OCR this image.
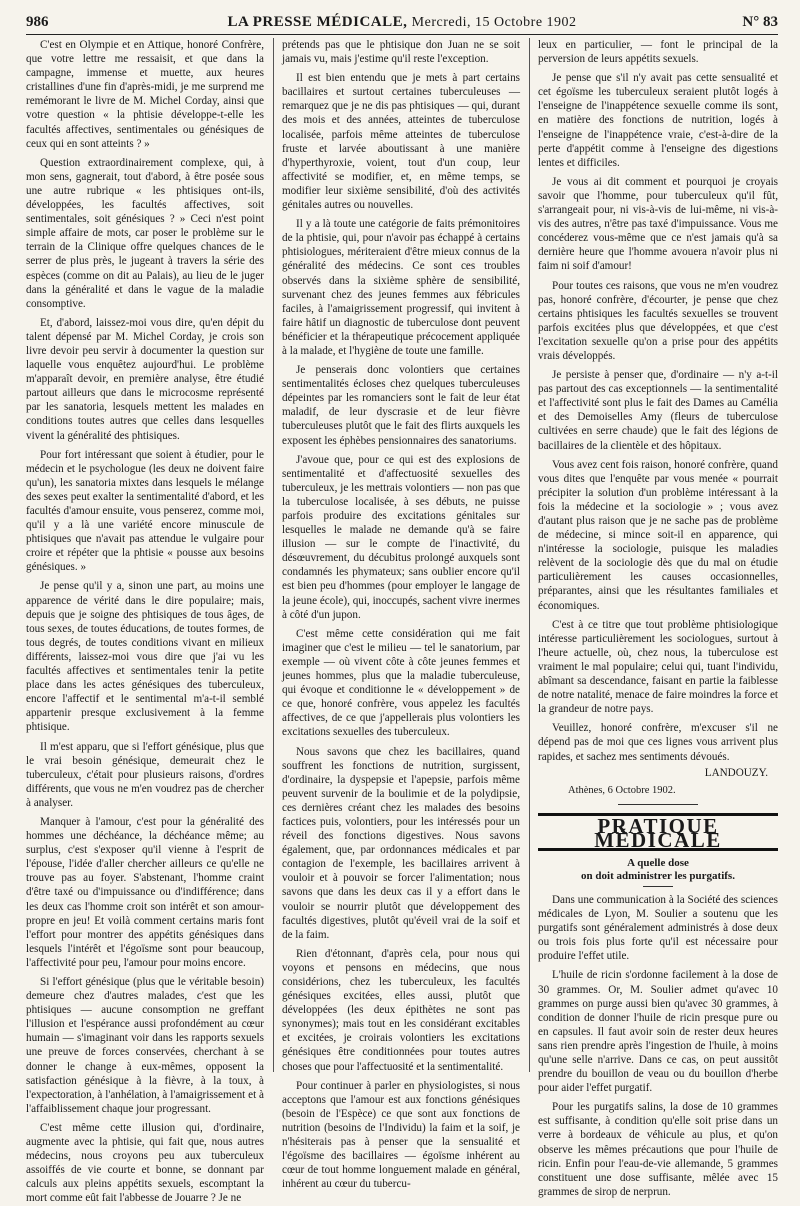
986	LA PRESSE MÉDICALE, Mercredi, 15 Octobre 1902	N° 83

C'est en Olympie et en Attique, honoré Confrère, que votre lettre me ressaisit, et que dans la campagne, immense et muette, aux heures cristallines d'une fin d'après-midi, je me surprend me remémorant le livre de M. Michel Corday, ainsi que votre question « la phtisie développe-t-elle les facultés affectives, sentimentales ou génésiques de ceux qui en sont atteints ? »

Question extraordinairement complexe, qui, à mon sens, gagnerait, tout d'abord, à être posée sous une autre rubrique « les phtisiques ont-ils, développées, les facultés affectives, soit sentimentales, soit génésiques ? » Ceci n'est point simple affaire de mots, car poser le problème sur le terrain de la Clinique offre quelques chances de le serrer de plus près, le jugeant à travers la série des espèces (comme on dit au Palais), au lieu de le juger dans la généralité et dans le vague de la maladie consomptive.

Et, d'abord, laissez-moi vous dire, qu'en dépit du talent dépensé par M. Michel Corday, je crois son livre devoir peu servir à documenter la question sur laquelle vous enquêtez aujourd'hui. Le problème m'apparaît devoir, en première analyse, être étudié partout ailleurs que dans le microcosme représenté par les sanatoria, lesquels mettent les malades en conditions toutes autres que celles dans lesquelles vivent la généralité des phtisiques.

Pour fort intéressant que soient à étudier, pour le médecin et le psychologue (les deux ne doivent faire qu'un), les sanatoria mixtes dans lesquels le mélange des sexes peut exalter la sentimentalité d'abord, et les facultés d'amour ensuite, vous penserez, comme moi, qu'il y a là une variété encore minuscule de phtisiques que n'avait pas attendue le vulgaire pour croire et répéter que la phtisie « pousse aux besoins génésiques. »

Je pense qu'il y a, sinon une part, au moins une apparence de vérité dans le dire populaire; mais, depuis que je soigne des phtisiques de tous âges, de tous sexes, de toutes éducations, de toutes formes, de tous degrés, de toutes conditions vivant en milieux différents, laissez-moi vous dire que j'ai vu les facultés affectives et sentimentales tenir la petite place dans les actes génésiques des tuberculeux, encore l'affectif et le sentimental m'a-t-il semblé appartenir presque exclusivement à la femme phtisique.

Il m'est apparu, que si l'effort génésique, plus que le vrai besoin génésique, demeurait chez le tuberculeux, c'était pour plusieurs raisons, d'ordres différents, que vous ne m'en voudrez pas de chercher à analyser.

Manquer à l'amour, c'est pour la généralité des hommes une déchéance, la déchéance même; au surplus, c'est s'exposer qu'il vienne à l'esprit de l'épouse, l'idée d'aller chercher ailleurs ce qu'elle ne trouve pas au foyer. S'abstenant, l'homme craint d'être taxé ou d'impuissance ou d'indifférence; dans les deux cas l'homme croit son intérêt et son amour-propre en jeu! Et voilà comment certains maris font l'effort pour montrer des appétits génésiques dans lesquels l'intérêt et l'égoïsme sont pour beaucoup, l'affectivité pour peu, l'amour pour moins encore.

Si l'effort génésique (plus que le véritable besoin) demeure chez d'autres malades, c'est que les phtisiques — aucune consomption ne greffant l'illusion et l'espérance aussi profondément au cœur humain — s'imaginant voir dans les rapports sexuels une preuve de forces conservées, cherchant à se donner le change à eux-mêmes, opposent la satisfaction génésique à la fièvre, à la toux, à l'expectoration, à l'anhélation, à l'amaigrissement et à l'affaiblissement chaque jour progressant.

C'est même cette illusion qui, d'ordinaire, augmente avec la phtisie, qui fait que, nous autres médecins, nous croyons peu aux tuberculeux assoiffés de vie courte et bonne, se donnant par calculs aux pleins appétits sexuels, escomptant la mort comme eût fait l'abbesse de Jouarre ? Je ne

prétends pas que le phtisique don Juan ne se soit jamais vu, mais j'estime qu'il reste l'exception.

Il est bien entendu que je mets à part certains bacillaires et surtout certaines tuberculeuses — remarquez que je ne dis pas phtisiques — qui, durant des mois et des années, atteintes de tuberculose localisée, parfois même atteintes de tuberculose fruste et larvée aboutissant à une manière d'hyperthyroxie, voient, tout d'un coup, leur affectivité se modifier, et, en même temps, se modifier leur sixième sensibilité, d'où des activités génitales autres ou nouvelles.

Il y a là toute une catégorie de faits prémonitoires de la phtisie, qui, pour n'avoir pas échappé à certains phtisiologues, mériteraient d'être mieux connus de la généralité des médecins. Ce sont ces troubles observés dans la sixième sphère de sensibilité, survenant chez des jeunes femmes aux fébricules faciles, à l'amaigrissement progressif, qui invitent à faire hâtif un diagnostic de tuberculose dont peuvent bénéficier et la thérapeutique précocement appliquée à la malade, et l'hygiène de toute une famille.

Je penserais donc volontiers que certaines sentimentalités écloses chez quelques tuberculeuses dépeintes par les romanciers sont le fait de leur état maladif, de leur dyscrasie et de leur fièvre tuberculeuses plutôt que le fait des flirts auxquels les exposent les éphèbes pensionnaires des sanatoriums.

J'avoue que, pour ce qui est des explosions de sentimentalité et d'affectuosité sexuelles des tuberculeux, je les mettrais volontiers — non pas que la tuberculose localisée, à ses débuts, ne puisse parfois produire des excitations génitales sur lesquelles le malade ne demande qu'à se faire illusion — sur le compte de l'inactivité, du désœuvrement, du décubitus prolongé auxquels sont condamnés les phymateux; sans oublier encore qu'il est bien peu d'hommes (pour employer le langage de la jeune école), qui, inoccupés, sachent vivre inermes à côté d'un jupon.

C'est même cette considération qui me fait imaginer que c'est le milieu — tel le sanatorium, par exemple — où vivent côte à côte jeunes femmes et jeunes hommes, plus que la maladie tuberculeuse, qui évoque et conditionne le « développement » de ce que, honoré confrère, vous appelez les facultés affectives, de ce que j'appellerais plus volontiers les excitations sexuelles des tuberculeux.

Nous savons que chez les bacillaires, quand souffrent les fonctions de nutrition, surgissent, d'ordinaire, la dyspepsie et l'apepsie, parfois même peuvent survenir de la boulimie et de la polydipsie, ces dernières créant chez les malades des besoins factices puis, volontiers, pour les intéressés pour un réveil des fonctions digestives. Nous savons également, que, par ordonnances médicales et par contagion de l'exemple, les bacillaires arrivent à vouloir et à pouvoir se forcer l'alimentation; nous savons que dans les deux cas il y a effort dans le vouloir se nourrir plutôt que développement des facultés digestives, plutôt qu'éveil vrai de la soif et de la faim.

Rien d'étonnant, d'après cela, pour nous qui voyons et pensons en médecins, que nous considérions, chez les tuberculeux, les facultés génésiques excitées, elles aussi, plutôt que développées (les deux épithètes ne sont pas synonymes); mais tout en les considérant excitables et excitées, je croirais volontiers les excitations génésiques être conditionnées pour toutes autres choses que pour l'affectuosité et la sentimentalité.

Pour continuer à parler en physiologistes, si nous acceptons que l'amour est aux fonctions génésiques (besoin de l'Espèce) ce que sont aux fonctions de nutrition (besoins de l'Individu) la faim et la soif, je n'hésiterais pas à penser que la sensualité et l'égoïsme des bacillaires — égoïsme inhérent au cœur de tout homme longuement malade en général, inhérent au cœur du tubercu-

leux en particulier, — font le principal de la perversion de leurs appétits sexuels.

Je pense que s'il n'y avait pas cette sensualité et cet égoïsme les tuberculeux seraient plutôt logés à l'enseigne de l'inappétence sexuelle comme ils sont, en matière des fonctions de nutrition, logés à l'enseigne de l'inappétence vraie, c'est-à-dire de la perte d'appétit comme à l'enseigne des digestions lentes et difficiles.

Je vous ai dit comment et pourquoi je croyais savoir que l'homme, pour tuberculeux qu'il fût, s'arrangeait pour, ni vis-à-vis de lui-même, ni vis-à-vis des autres, n'être pas taxé d'impuissance. Vous me concéderez vous-même que ce n'est jamais qu'à sa dernière heure que l'homme avouera n'avoir plus ni faim ni soif d'amour!

Pour toutes ces raisons, que vous ne m'en voudrez pas, honoré confrère, d'écourter, je pense que chez certains phtisiques les facultés sexuelles se trouvent parfois excitées plus que développées, et que c'est l'excitation sexuelle qu'on a prise pour des appétits vrais développés.

Je persiste à penser que, d'ordinaire — n'y a-t-il pas partout des cas exceptionnels — la sentimentalité et l'affectivité sont plus le fait des Dames au Camélia et des Demoiselles Amy (fleurs de tuberculose cultivées en serre chaude) que le fait des légions de bacillaires de la clientèle et des hôpitaux.

Vous avez cent fois raison, honoré confrère, quand vous dites que l'enquête par vous menée « pourrait précipiter la solution d'un problème intéressant à la fois la médecine et la sociologie » ; vous avez d'autant plus raison que je ne sache pas de problème de médecine, si mince soit-il en apparence, qui n'intéresse la sociologie, puisque les maladies relèvent de la sociologie dès que du mal on étudie particulièrement les causes occasionnelles, préparantes, ainsi que les résultantes familiales et économiques.

C'est à ce titre que tout problème phtisiologique intéresse particulièrement les sociologues, surtout à l'heure actuelle, où, chez nous, la tuberculose est vraiment le mal populaire; celui qui, tuant l'individu, abîmant sa descendance, faisant en partie la faiblesse de notre natalité, menace de faire moindres la force et la grandeur de notre pays.

Veuillez, honoré confrère, m'excuser s'il ne dépend pas de moi que ces lignes vous arrivent plus rapides, et sachez mes sentiments dévoués.

LANDOUZY.
Athènes, 6 Octobre 1902.
PRATIQUE MÉDICALE
A quelle dose
on doit administrer les purgatifs.

Dans une communication à la Société des sciences médicales de Lyon, M. Soulier a soutenu que les purgatifs sont généralement administrés à dose deux ou trois fois plus forte qu'il est nécessaire pour produire l'effet utile.

L'huile de ricin s'ordonne facilement à la dose de 30 grammes. Or, M. Soulier admet qu'avec 10 grammes on purge aussi bien qu'avec 30 grammes, à condition de donner l'huile de ricin presque pure ou en capsules. Il faut avoir soin de rester deux heures sans rien prendre après l'ingestion de l'huile, à moins qu'une selle n'arrive. Dans ce cas, on peut aussitôt prendre du bouillon de veau ou du bouillon d'herbe pour aider l'effet purgatif.

Pour les purgatifs salins, la dose de 10 grammes est suffisante, à condition qu'elle soit prise dans un verre à bordeaux de véhicule au plus, et qu'on observe les mêmes précautions que pour l'huile de ricin. Enfin pour l'eau-de-vie allemande, 5 grammes constituent une dose suffisante, mêlée avec 15 grammes de sirop de nerprun.
